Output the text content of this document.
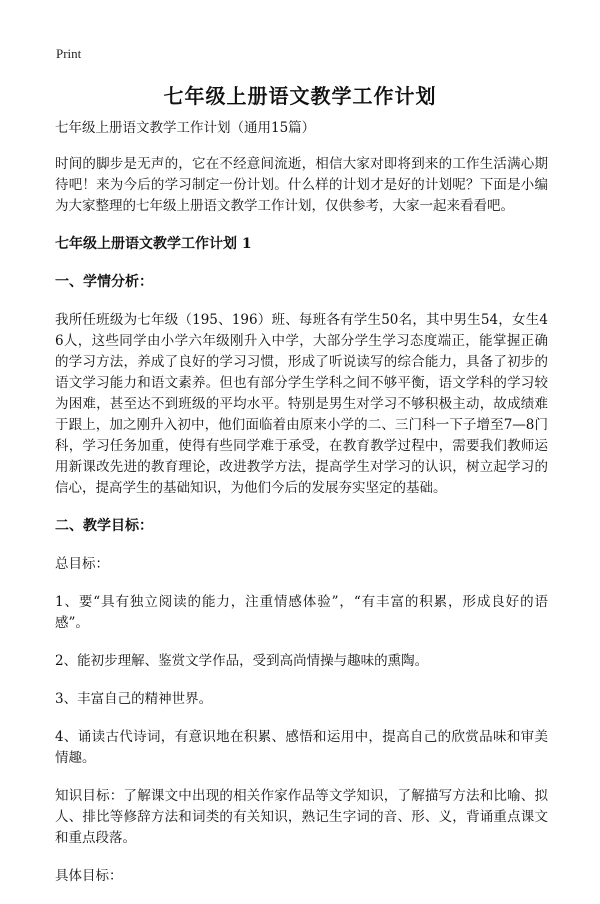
Print
七年级上册语文教学工作计划
七年级上册语文教学工作计划（通用15篇）
时间的脚步是无声的，它在不经意间流逝，相信大家对即将到来的工作生活满心期待吧！来为今后的学习制定一份计划。什么样的计划才是好的计划呢？下面是小编为大家整理的七年级上册语文教学工作计划，仅供参考，大家一起来看看吧。
七年级上册语文教学工作计划 1
一、学情分析：
我所任班级为七年级（195、196）班、每班各有学生50名，其中男生54，女生46人，这些同学由小学六年级刚升入中学，大部分学生学习态度端正，能掌握正确的学习方法，养成了良好的学习习惯，形成了听说读写的综合能力，具备了初步的语文学习能力和语文素养。但也有部分学生学科之间不够平衡，语文学科的学习较为困难，甚至达不到班级的平均水平。特别是男生对学习不够积极主动，故成绩难于跟上，加之刚升入初中，他们面临着由原来小学的二、三门科一下子增至7—8门科，学习任务加重，使得有些同学难于承受，在教育教学过程中，需要我们教师运用新课改先进的教育理论，改进教学方法，提高学生对学习的认识，树立起学习的信心，提高学生的基础知识，为他们今后的发展夯实坚定的基础。
二、教学目标：
总目标：
1、要“具有独立阅读的能力，注重情感体验”，“有丰富的积累，形成良好的语感”。
2、能初步理解、鉴赏文学作品，受到高尚情操与趣味的熏陶。
3、丰富自己的精神世界。
4、诵读古代诗词，有意识地在积累、感悟和运用中，提高自己的欣赏品味和审美情趣。
知识目标：了解课文中出现的相关作家作品等文学知识，了解描写方法和比喻、拟人、排比等修辞方法和词类的有关知识，熟记生字词的音、形、义，背诵重点课文和重点段落。
具体目标：
